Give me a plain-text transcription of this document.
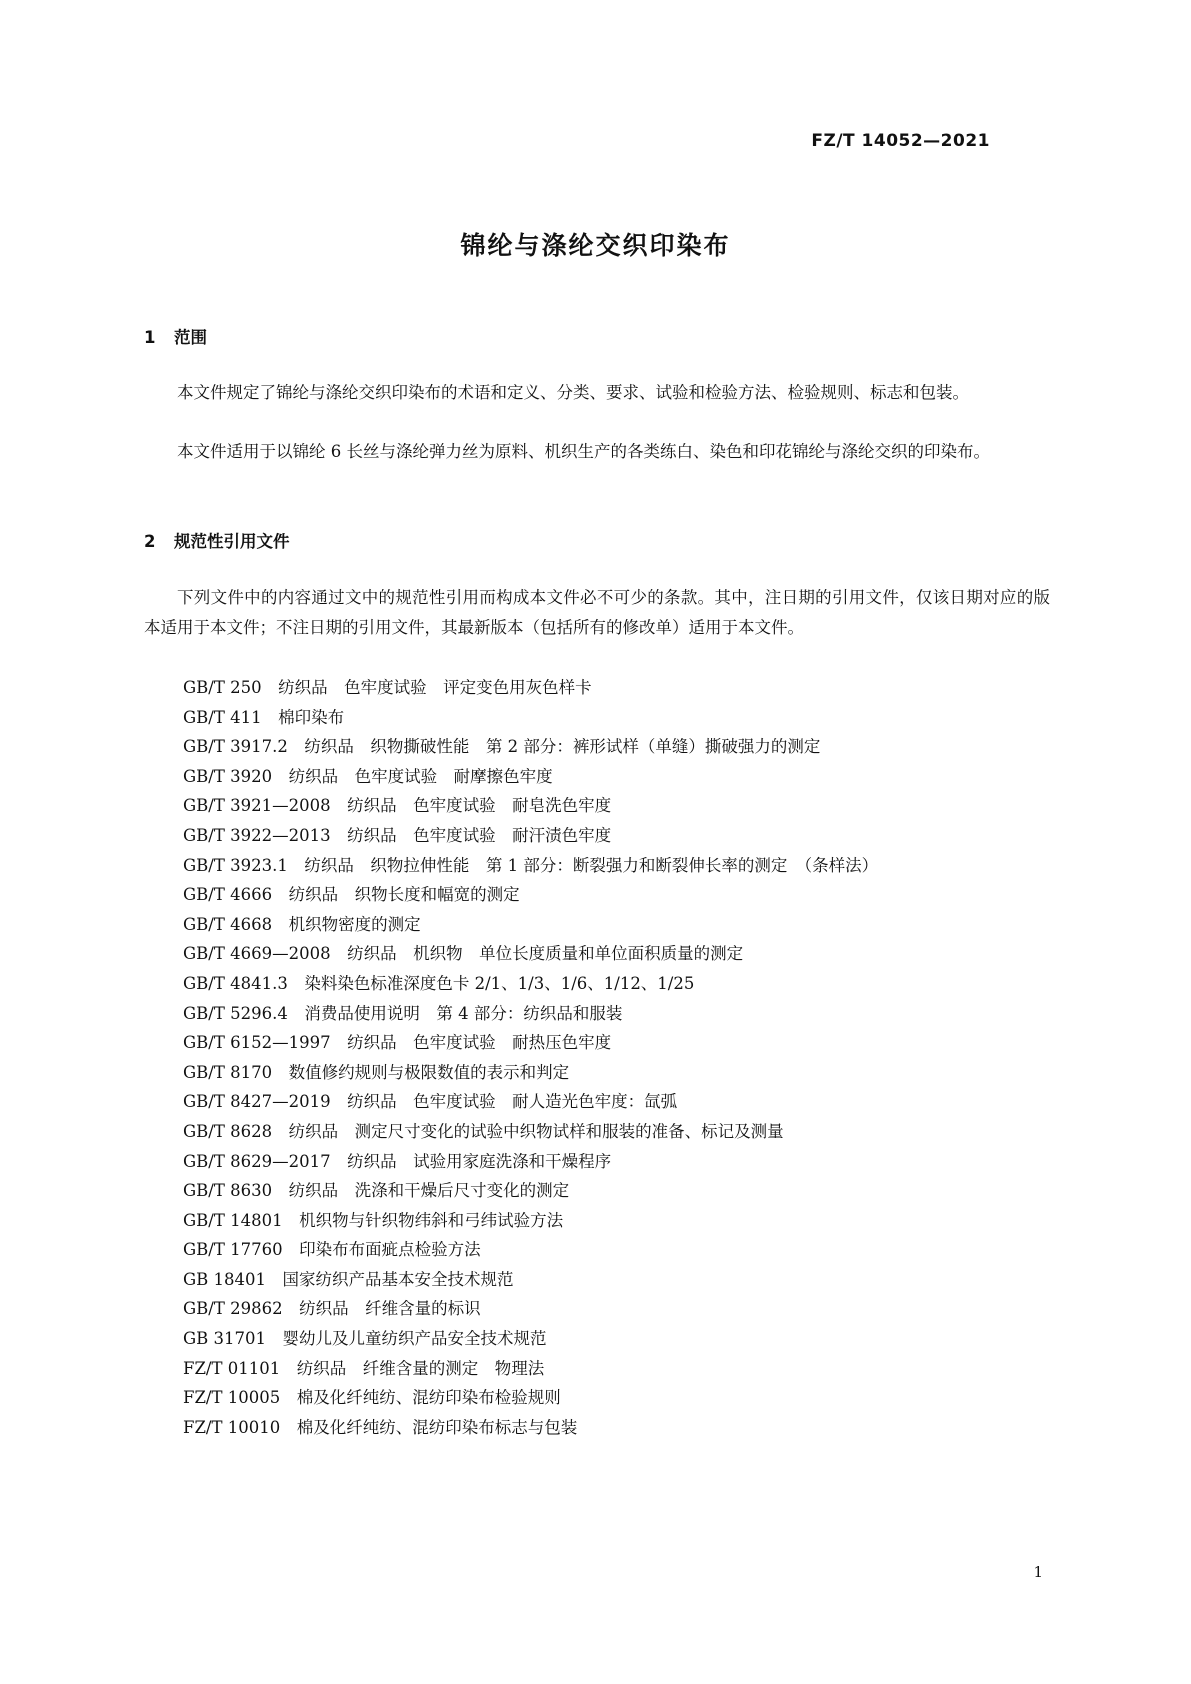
FZ/T 14052—2021
锦纶与涤纶交织印染布
1 范围
本文件规定了锦纶与涤纶交织印染布的术语和定义、分类、要求、试验和检验方法、检验规则、标志和包装。
本文件适用于以锦纶 6 长丝与涤纶弹力丝为原料、机织生产的各类练白、染色和印花锦纶与涤纶交织的印染布。
2 规范性引用文件
下列文件中的内容通过文中的规范性引用而构成本文件必不可少的条款。其中，注日期的引用文件，仅该日期对应的版本适用于本文件；不注日期的引用文件，其最新版本（包括所有的修改单）适用于本文件。
GB/T 250　纺织品　色牢度试验　评定变色用灰色样卡
GB/T 411　棉印染布
GB/T 3917.2　纺织品　织物撕破性能　第 2 部分：裤形试样（单缝）撕破强力的测定
GB/T 3920　纺织品　色牢度试验　耐摩擦色牢度
GB/T 3921—2008　纺织品　色牢度试验　耐皂洗色牢度
GB/T 3922—2013　纺织品　色牢度试验　耐汗渍色牢度
GB/T 3923.1　纺织品　织物拉伸性能　第 1 部分：断裂强力和断裂伸长率的测定　（条样法）
GB/T 4666　纺织品　织物长度和幅宽的测定
GB/T 4668　机织物密度的测定
GB/T 4669—2008　纺织品　机织物　单位长度质量和单位面积质量的测定
GB/T 4841.3　染料染色标准深度色卡 2/1、1/3、1/6、1/12、1/25
GB/T 5296.4　消费品使用说明　第 4 部分：纺织品和服装
GB/T 6152—1997　纺织品　色牢度试验　耐热压色牢度
GB/T 8170　数值修约规则与极限数值的表示和判定
GB/T 8427—2019　纺织品　色牢度试验　耐人造光色牢度：氙弧
GB/T 8628　纺织品　测定尺寸变化的试验中织物试样和服装的准备、标记及测量
GB/T 8629—2017　纺织品　试验用家庭洗涤和干燥程序
GB/T 8630　纺织品　洗涤和干燥后尺寸变化的测定
GB/T 14801　机织物与针织物纬斜和弓纬试验方法
GB/T 17760　印染布布面疵点检验方法
GB 18401　国家纺织产品基本安全技术规范
GB/T 29862　纺织品　纤维含量的标识
GB 31701　婴幼儿及儿童纺织产品安全技术规范
FZ/T 01101　纺织品　纤维含量的测定　物理法
FZ/T 10005　棉及化纤纯纺、混纺印染布检验规则
FZ/T 10010　棉及化纤纯纺、混纺印染布标志与包装
1
